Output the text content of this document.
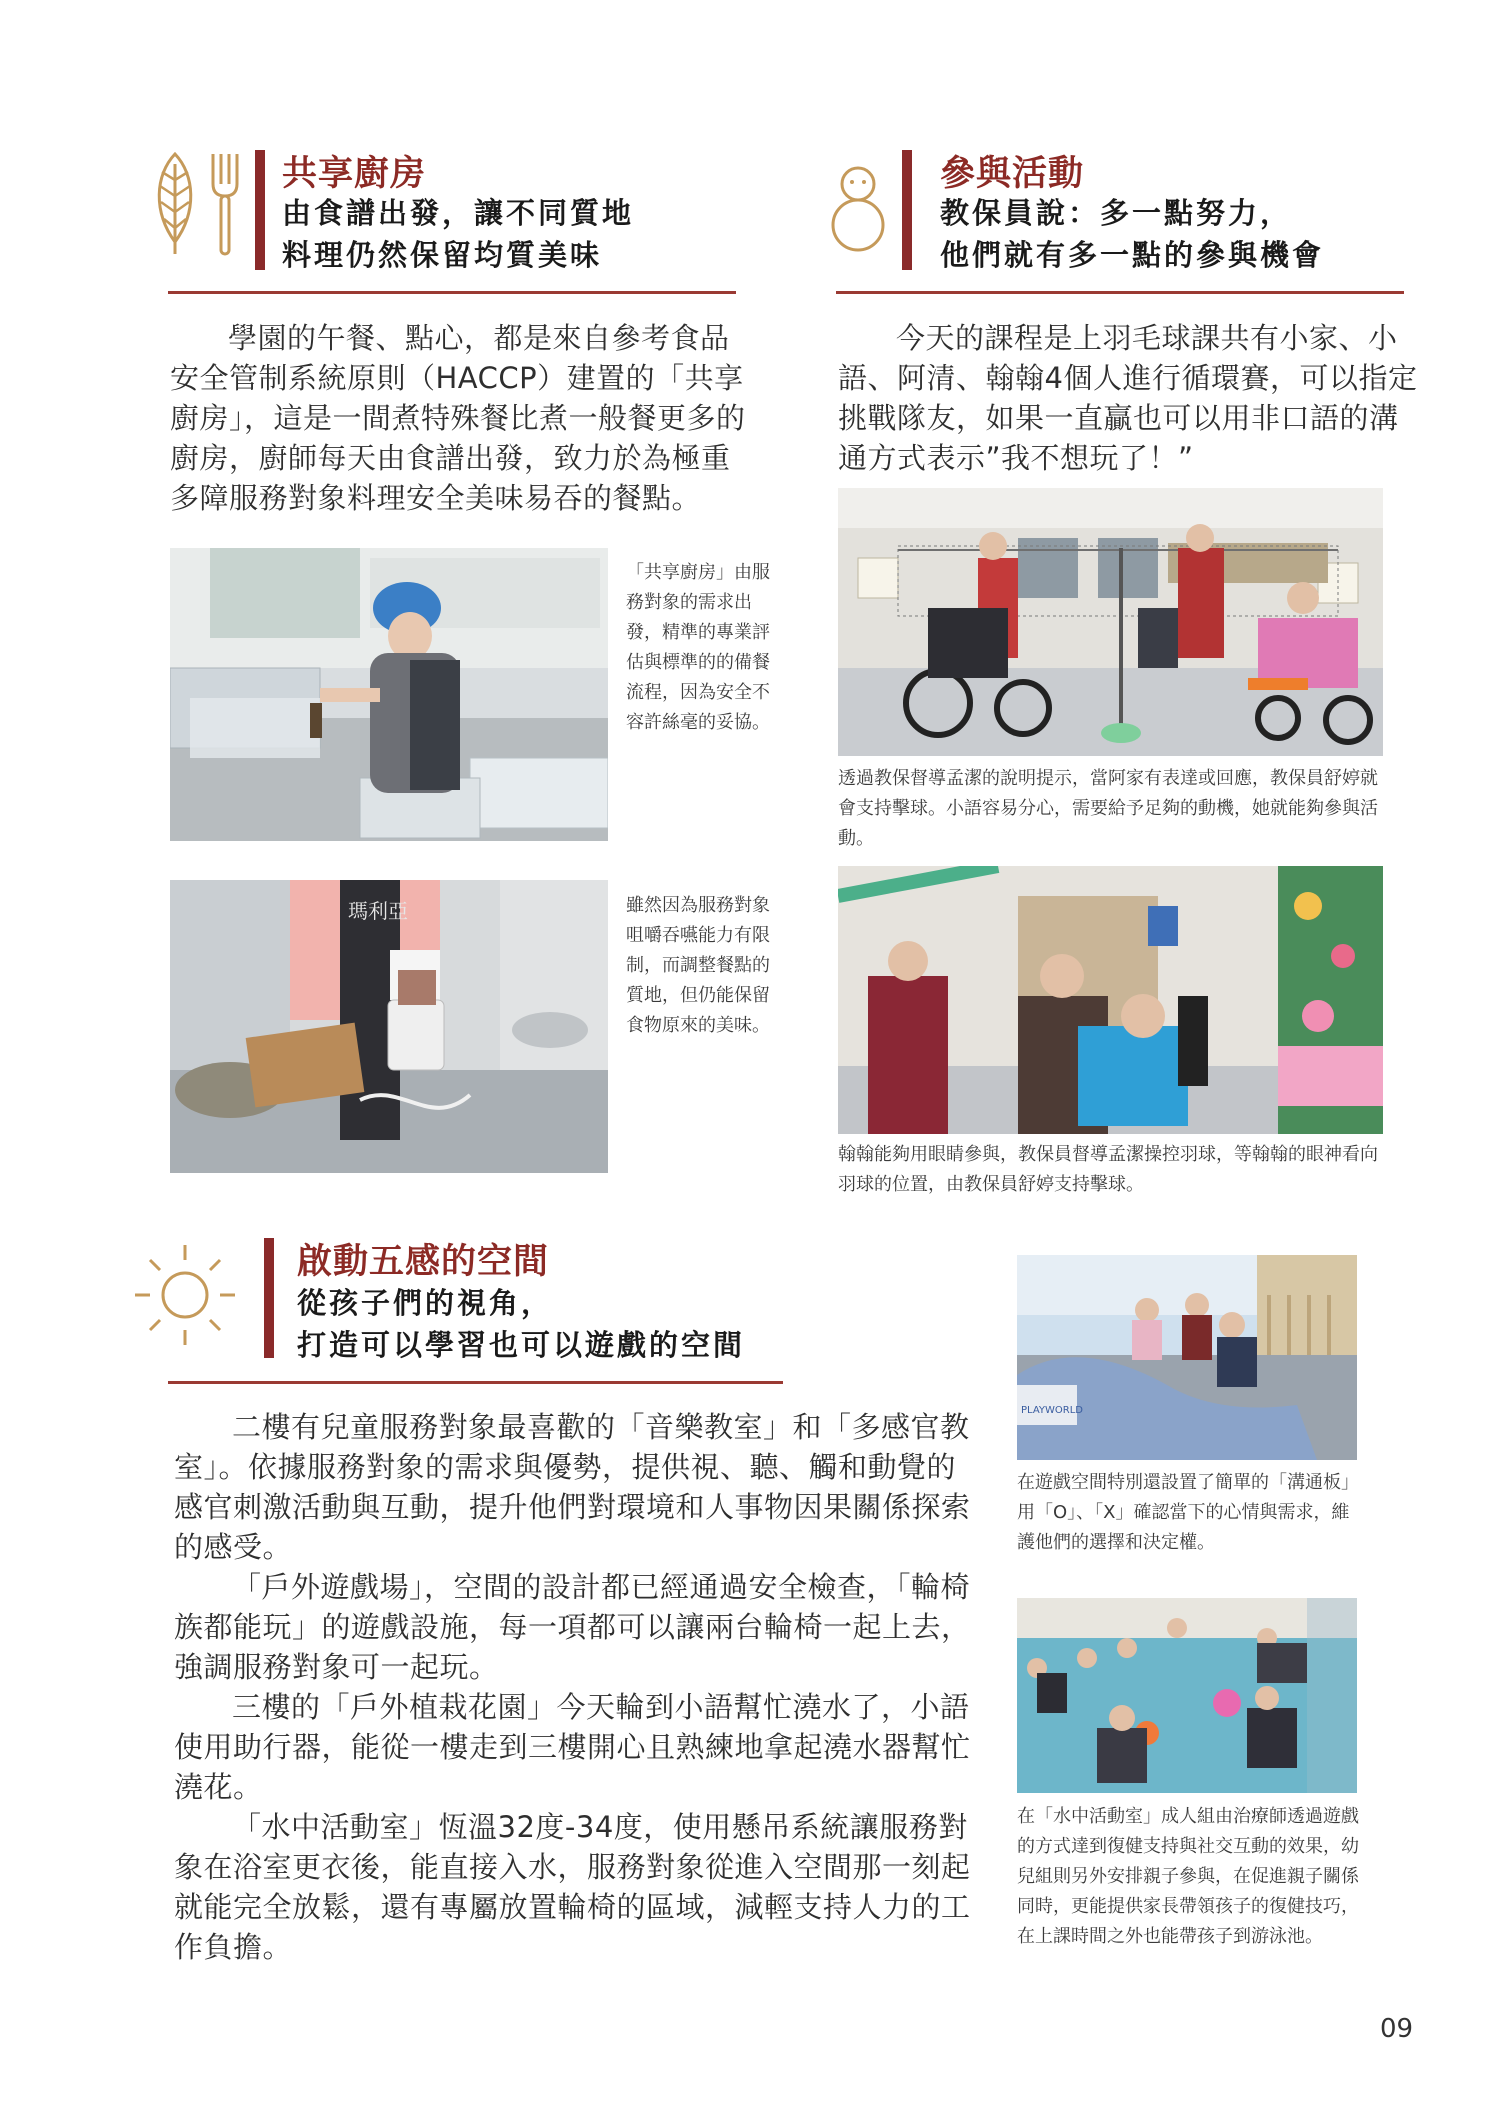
共享廚房
由食譜出發，讓不同質地
料理仍然保留均質美味

學園的午餐、點心，都是來自參考食品安全管制系統原則（HACCP）建置的「共享廚房」，這是一間煮特殊餐比煮一般餐更多的廚房，廚師每天由食譜出發，致力於為極重多障服務對象料理安全美味易吞的餐點。

「共享廚房」由服務對象的需求出發，精準的專業評估與標準的的備餐流程，因為安全不容許絲毫的妥協。
瑪利亞	雖然因為服務對象咀嚼吞嚥能力有限制，而調整餐點的質地，但仍能保留食物原來的美味。
參與活動
教保員說：多一點努力，
他們就有多一點的參與機會

今天的課程是上羽毛球課共有小家、小語、阿清、翰翰4個人進行循環賽，可以指定挑戰隊友，如果一直贏也可以用非口語的溝通方式表示”我不想玩了！”

透過教保督導孟潔的說明提示，當阿家有表達或回應，教保員舒婷就會支持擊球。小語容易分心，需要給予足夠的動機，她就能夠參與活動。
翰翰能夠用眼睛參與，教保員督導孟潔操控羽球，等翰翰的眼神看向羽球的位置，由教保員舒婷支持擊球。
啟動五感的空間
從孩子們的視角，
打造可以學習也可以遊戲的空間

二樓有兒童服務對象最喜歡的「音樂教室」和「多感官教室」。依據服務對象的需求與優勢，提供視、聽、觸和動覺的感官刺激活動與互動，提升他們對環境和人事物因果關係探索的感受。

「戶外遊戲場」，空間的設計都已經通過安全檢查，「輪椅族都能玩」的遊戲設施，每一項都可以讓兩台輪椅一起上去，強調服務對象可一起玩。

三樓的「戶外植栽花園」今天輪到小語幫忙澆水了，小語使用助行器，能從一樓走到三樓開心且熟練地拿起澆水器幫忙澆花。

「水中活動室」恆溫32度-34度，使用懸吊系統讓服務對象在浴室更衣後，能直接入水，服務對象從進入空間那一刻起就能完全放鬆，還有專屬放置輪椅的區域，減輕支持人力的工作負擔。

PLAYWORLD
在遊戲空間特別還設置了簡單的「溝通板」用「O」、「X」確認當下的心情與需求，維護他們的選擇和決定權。
在「水中活動室」成人組由治療師透過遊戲的方式達到復健支持與社交互動的效果，幼兒組則另外安排親子參與，在促進親子關係同時，更能提供家長帶領孩子的復健技巧，在上課時間之外也能帶孩子到游泳池。
09
